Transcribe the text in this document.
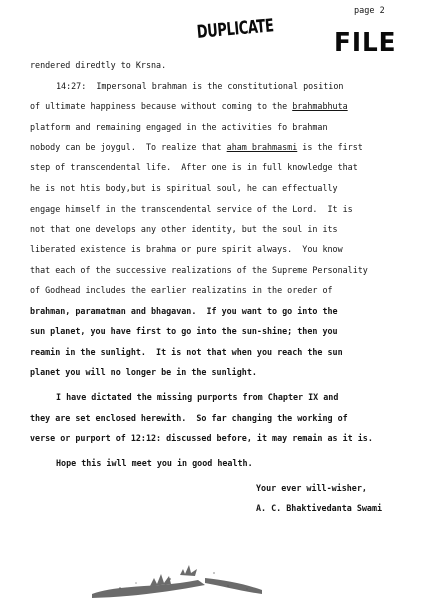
page 2
DUPLICATE FILE

rendered diredtly to Krsna.

14:27:  Impersonal brahman is the constitutional position

of ultimate happiness because without coming to the brahmabhuta

platform and remaining engaged in the activities fo brahman

nobody can be joygul.  To realize that aham brahmasmi is the first

step of transcendental life.  After one is in full knowledge that

he is not htis body,but is spiritual soul, he can effectually

engage himself in the transcendental service of the Lord.  It is

not that one develops any other identity, but the soul in its

liberated existence is brahma or pure spirit always.  You know

that each of the successive realizations of the Supreme Personality

of Godhead includes the earlier realizatins in the oreder of

brahman, paramatman and bhagavan.  If you want to go into the

sun planet, you have first to go into the sun-shine; then you

reamin in the sunlight.  It is not that when you reach the sun

planet you will no longer be in the sunlight.

I have dictated the missing purports from Chapter IX and

they are set enclosed herewith.  So far changing the working of

verse or purport of 12:12: discussed before, it may remain as it is.

Hope this iwll meet you in good health.

Your ever will-wisher,

A. C. Bhaktivedanta Swami
